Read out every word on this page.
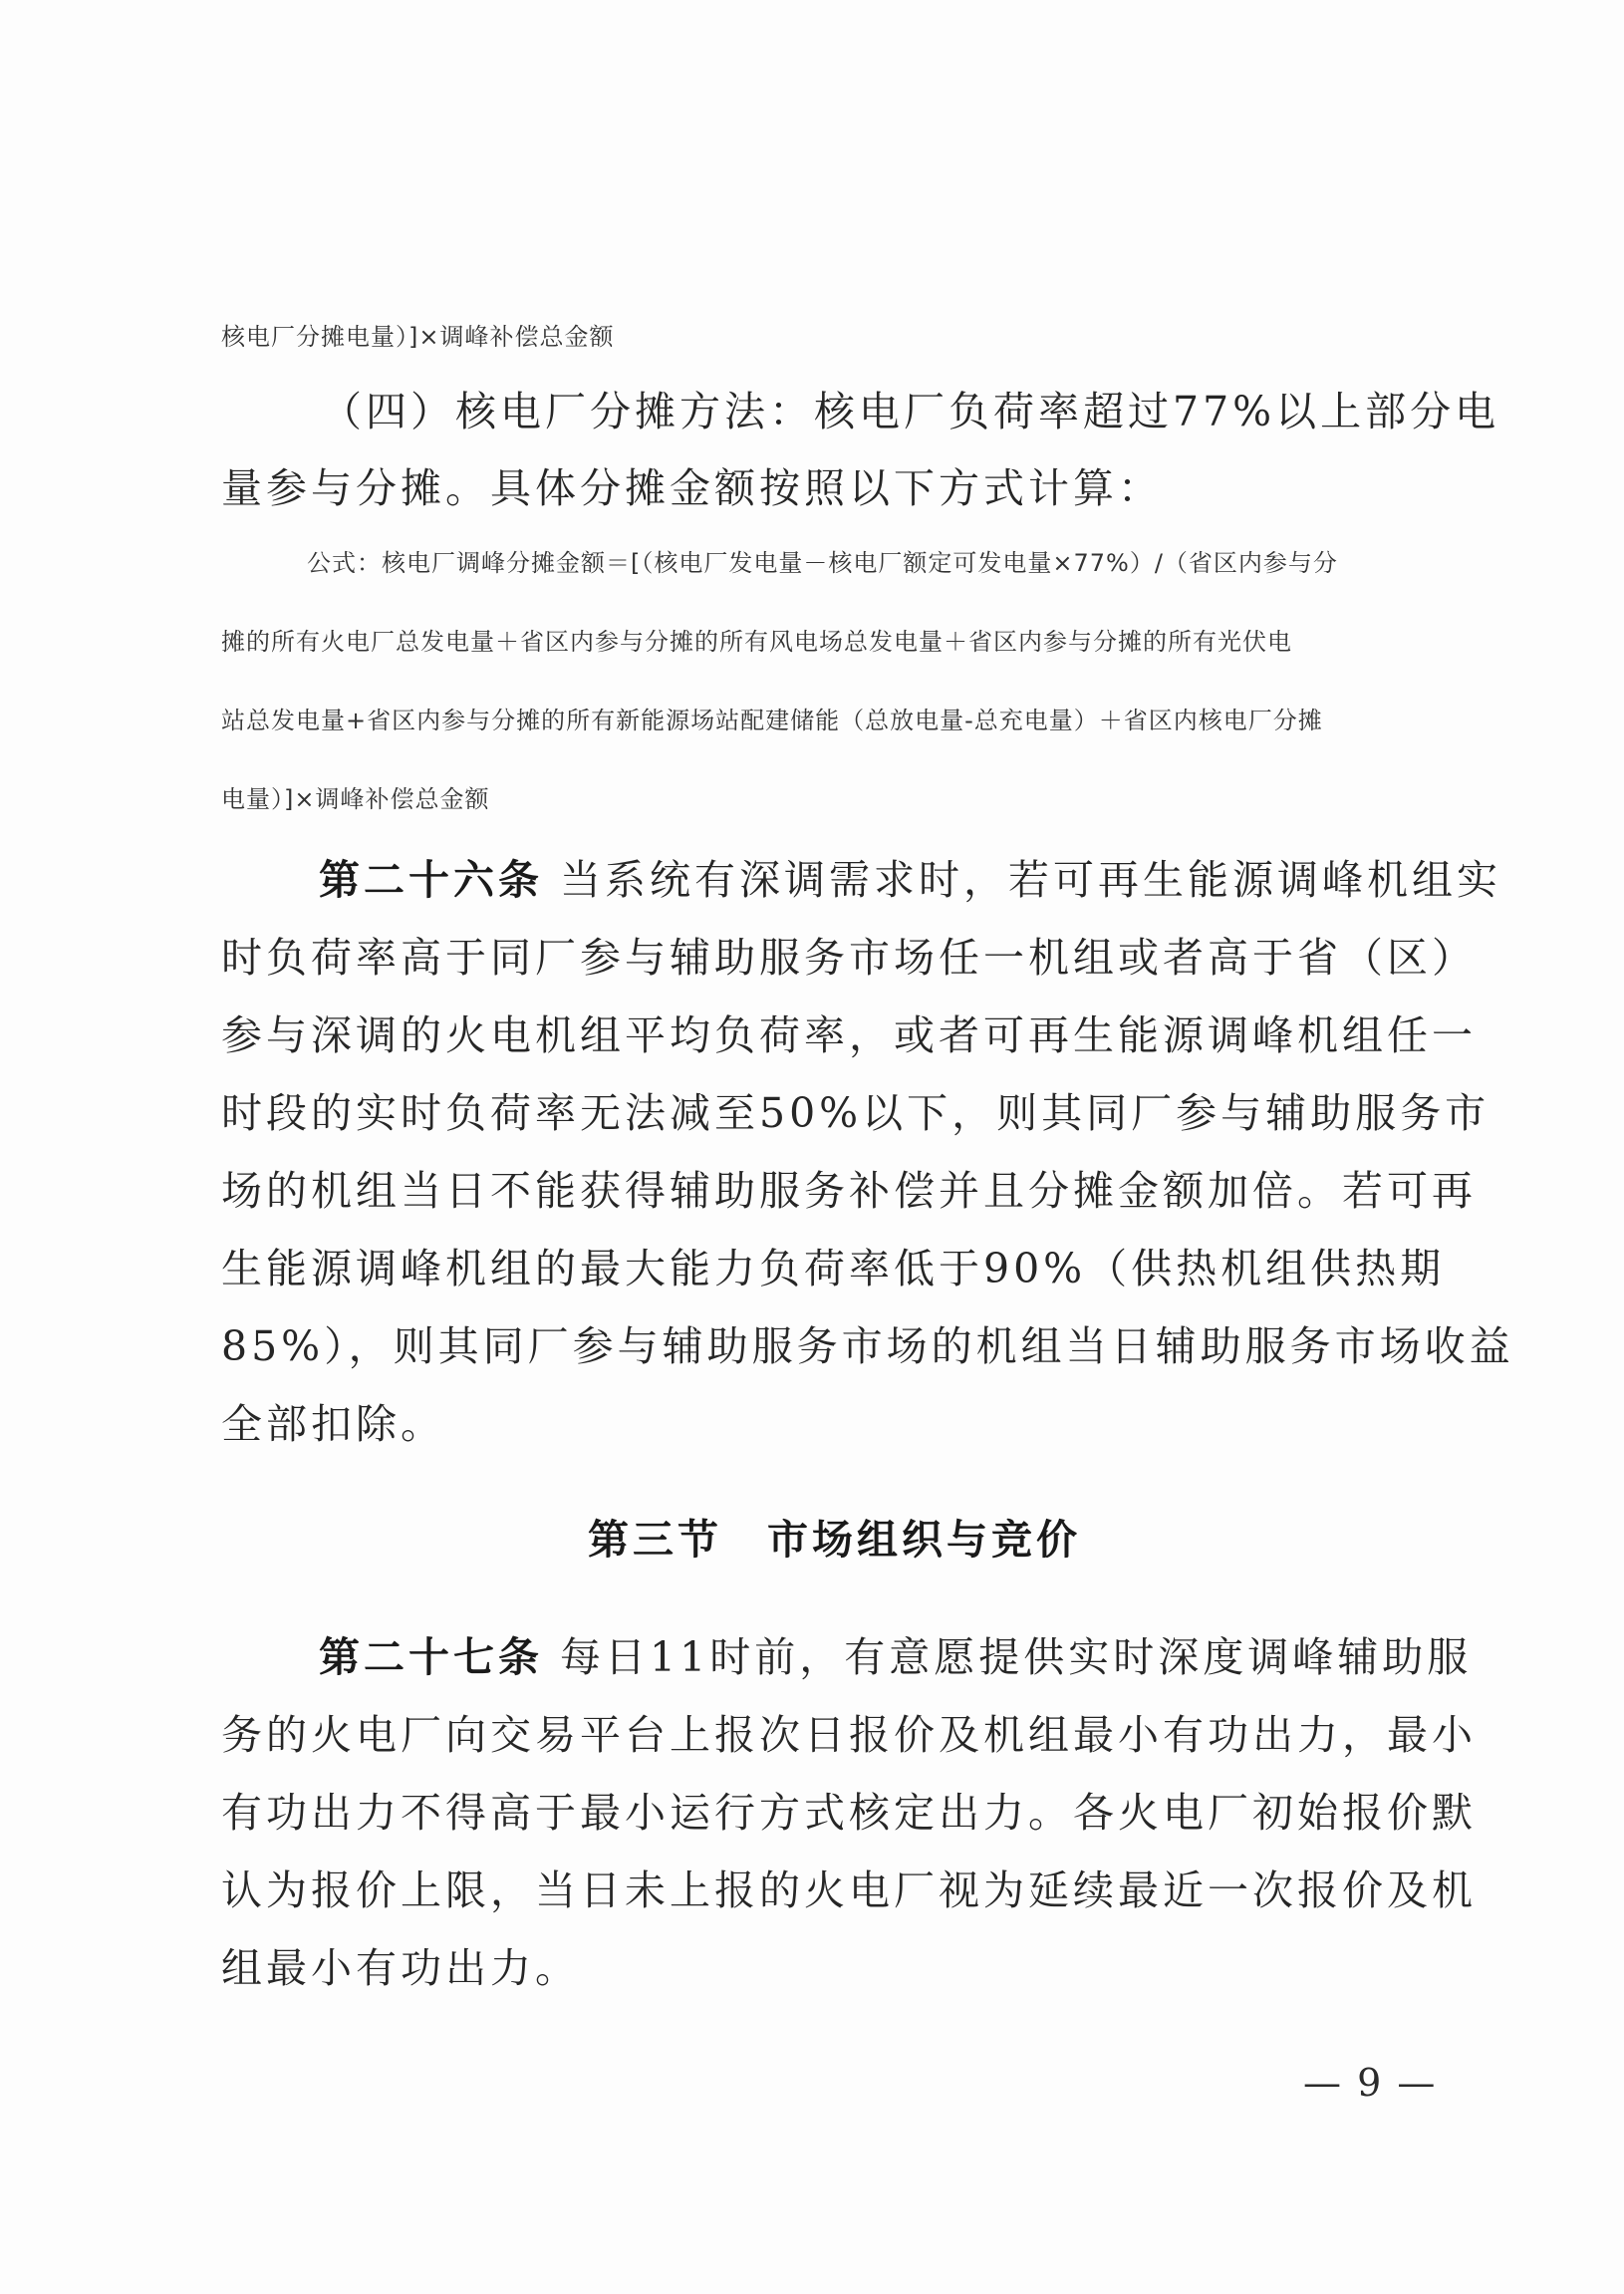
核电厂分摊电量）]×调峰补偿总金额

（四）核电厂分摊方法：核电厂负荷率超过77%以上部分电

量参与分摊。具体分摊金额按照以下方式计算：

公式：核电厂调峰分摊金额＝[（核电厂发电量－核电厂额定可发电量×77%）/（省区内参与分

摊的所有火电厂总发电量＋省区内参与分摊的所有风电场总发电量＋省区内参与分摊的所有光伏电

站总发电量+省区内参与分摊的所有新能源场站配建储能（总放电量-总充电量）＋省区内核电厂分摊

电量）]×调峰补偿总金额

第二十六条 当系统有深调需求时，若可再生能源调峰机组实

时负荷率高于同厂参与辅助服务市场任一机组或者高于省（区）

参与深调的火电机组平均负荷率，或者可再生能源调峰机组任一

时段的实时负荷率无法减至50%以下，则其同厂参与辅助服务市

场的机组当日不能获得辅助服务补偿并且分摊金额加倍。若可再

生能源调峰机组的最大能力负荷率低于90%（供热机组供热期

85%），则其同厂参与辅助服务市场的机组当日辅助服务市场收益

全部扣除。

第三节　市场组织与竞价

第二十七条 每日11时前，有意愿提供实时深度调峰辅助服

务的火电厂向交易平台上报次日报价及机组最小有功出力，最小

有功出力不得高于最小运行方式核定出力。各火电厂初始报价默

认为报价上限，当日未上报的火电厂视为延续最近一次报价及机

组最小有功出力。

— 9 —
